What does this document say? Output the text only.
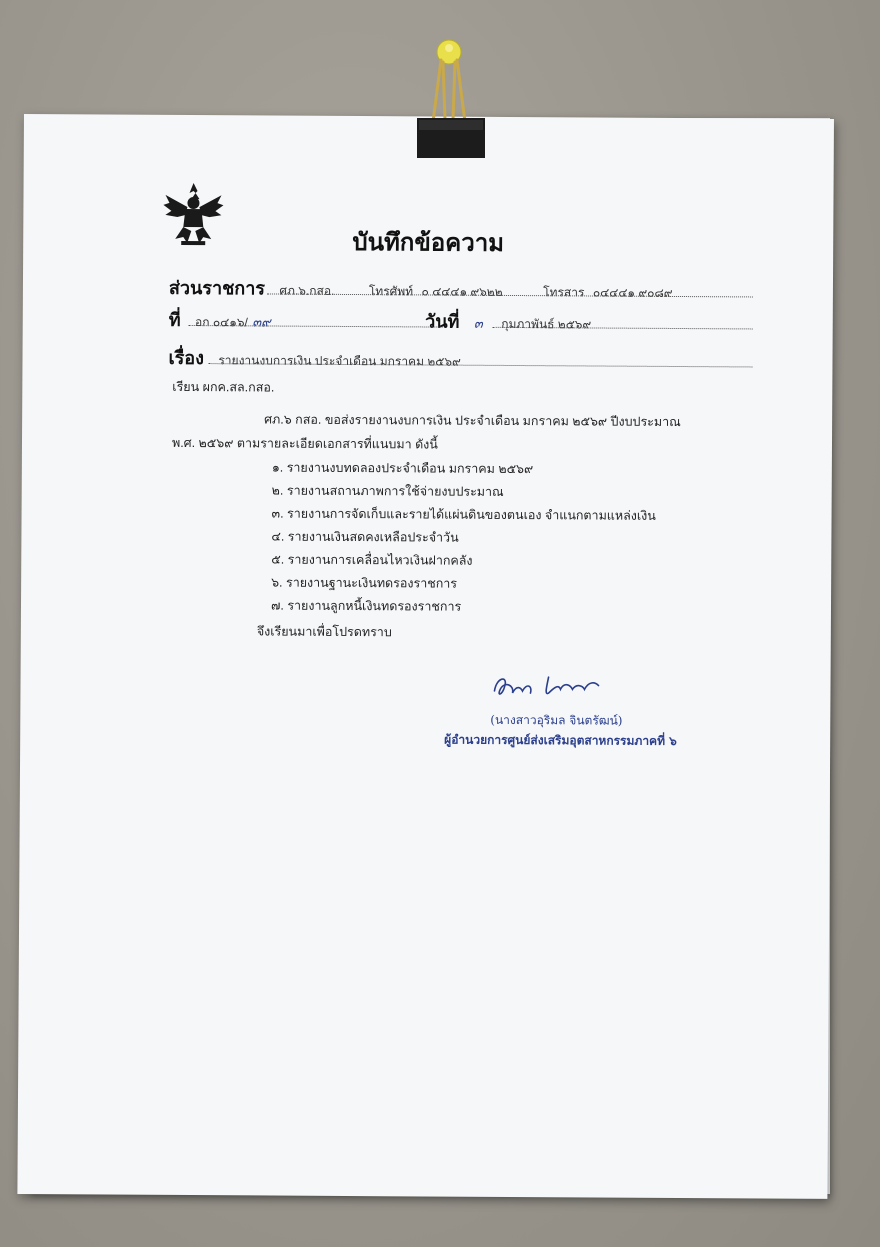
บันทึกข้อความ
ส่วนราชการ ศภ.๖.กสอ.	โทรศัพท์ ๐ ๔๔๔๑ ๙๖๒๒	โทรสาร ๐๔๔๔๑ ๙๐๘๙
ที่ อก ๐๔๑๖/ ๓๙	วันที่ ๓ กุมภาพันธ์ ๒๕๖๙
เรื่อง รายงานงบการเงิน ประจำเดือน มกราคม ๒๕๖๙
เรียน ผกค.สล.กสอ.
ศภ.๖ กสอ. ขอส่งรายงานงบการเงิน ประจำเดือน มกราคม ๒๕๖๙ ปีงบประมาณ
พ.ศ. ๒๕๖๙ ตามรายละเอียดเอกสารที่แนบมา ดังนี้
๑. รายงานงบทดลองประจำเดือน มกราคม ๒๕๖๙
๒. รายงานสถานภาพการใช้จ่ายงบประมาณ
๓. รายงานการจัดเก็บและรายได้แผ่นดินของตนเอง จำแนกตามแหล่งเงิน
๔. รายงานเงินสดคงเหลือประจำวัน
๕. รายงานการเคลื่อนไหวเงินฝากคลัง
๖. รายงานฐานะเงินทดรองราชการ
๗. รายงานลูกหนี้เงินทดรองราชการ
จึงเรียนมาเพื่อโปรดทราบ
(นางสาวอุริมล จินตรัฒน์)
ผู้อำนวยการศูนย์ส่งเสริมอุตสาหกรรมภาคที่ ๖
